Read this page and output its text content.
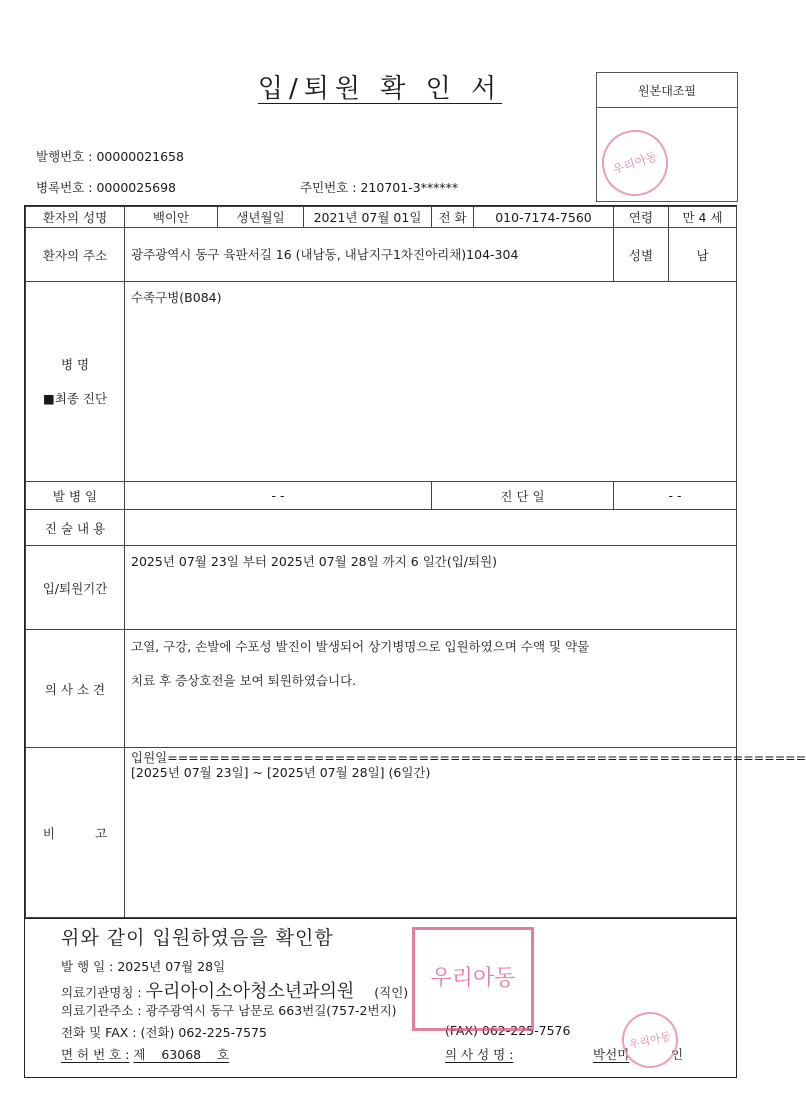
입/퇴원 확 인 서	원본대조필
우리아동
발행번호 : 00000021658
병록번호 : 0000025698	주민번호 : 210701-3******
환자의 성명	백이안	생년월일	2021년 07월 01일	전 화	010-7174-7560	연령	만 4 세
환자의 주소	광주광역시 동구 육판서길 16 (내남동, 내남지구1차진아리채)104-304					성별	남

병 명
■최종 진단	수족구병(B084)						
발 병 일	- -			진 단 일		- -	
진 술 내 용							
입/퇴원기간	2025년 07월 23일 부터 2025년 07월 28일 까지 6 일간(입/퇴원)						
의 사 소 견	고열, 구강, 손발에 수포성 발진이 발생되어 상기병명으로 입원하였으며 수액 및 약물
치료 후 증상호전을 보여 퇴원하였습니다.						

비 고	입원일=============================================================
[2025년 07월 23일] ~ [2025년 07월 28일] (6일간)						
위와 같이 입원하였음을 확인함
발 행 일 : 2025년 07월 28일
의료기관명칭 : 우리아이소아청소년과의원 (직인)
의료기관주소 : 광주광역시 동구 남문로 663번길(757-2번지)
전화 및 FAX : (전화) 062-225-7575	(FAX) 062-225-7576
면 허 번 호 : 제    63068    호	의 사 성 명 :	박선미	인
우리아동
우리아동
